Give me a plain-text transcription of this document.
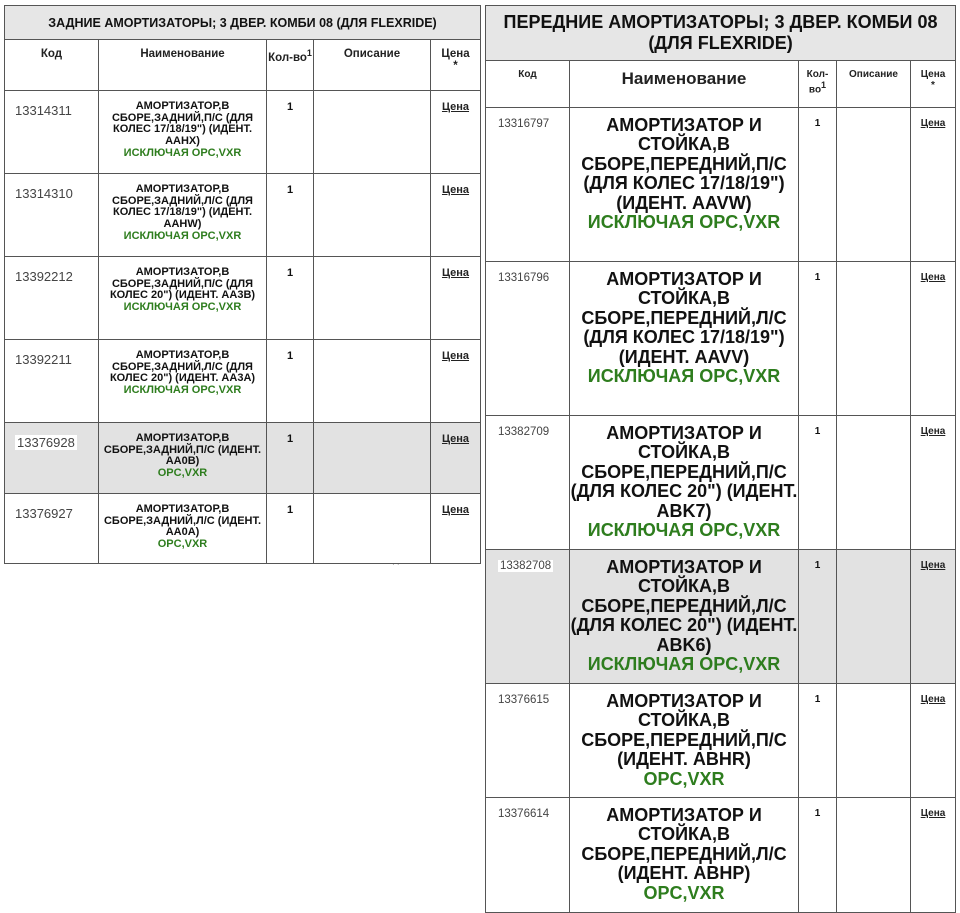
ЗАДНИЕ АМОРТИЗАТОРЫ; 3 ДВЕР. КОМБИ 08 (ДЛЯ FLEXRIDE)				
Код	Наименование	Кол-$во^1$	Описание	Цена
*
13314311	АМОРТИЗАТОР,В СБОРЕ,ЗАДНИЙ,П/С (ДЛЯ КОЛЕС 17/18/19") (ИДЕНТ. AAHX)
ИСКЛЮЧАЯ OPC,VXR	1		Цена
13314310	АМОРТИЗАТОР,В СБОРЕ,ЗАДНИЙ,Л/С (ДЛЯ КОЛЕС 17/18/19") (ИДЕНТ. AAHW)
ИСКЛЮЧАЯ OPC,VXR	1		Цена
13392212	АМОРТИЗАТОР,В СБОРЕ,ЗАДНИЙ,П/С (ДЛЯ КОЛЕС 20") (ИДЕНТ. AA3B)
ИСКЛЮЧАЯ OPC,VXR	1		Цена
13392211	АМОРТИЗАТОР,В СБОРЕ,ЗАДНИЙ,Л/С (ДЛЯ КОЛЕС 20") (ИДЕНТ. AA3A)
ИСКЛЮЧАЯ OPC,VXR	1		Цена
13376928	АМОРТИЗАТОР,В СБОРЕ,ЗАДНИЙ,П/С (ИДЕНТ. AA0B)
OPC,VXR	1		Цена
13376927	АМОРТИЗАТОР,В СБОРЕ,ЗАДНИЙ,Л/С (ИДЕНТ. AA0A)
OPC,VXR	1		Цена
· ·
ПЕРЕДНИЕ АМОРТИЗАТОРЫ; 3 ДВЕР. КОМБИ 08 (ДЛЯ FLEXRIDE)				
Код	Наименование	Кол-$во^1$	Описание	Цена
*
13316797	АМОРТИЗАТОР И СТОЙКА,В СБОРЕ,ПЕРЕДНИЙ,П/С (ДЛЯ КОЛЕС 17/18/19") (ИДЕНТ. AAVW)
ИСКЛЮЧАЯ OPC,VXR	1		Цена
13316796	АМОРТИЗАТОР И СТОЙКА,В СБОРЕ,ПЕРЕДНИЙ,Л/С (ДЛЯ КОЛЕС 17/18/19") (ИДЕНТ. AAVV)
ИСКЛЮЧАЯ OPC,VXR	1		Цена
13382709	АМОРТИЗАТОР И СТОЙКА,В СБОРЕ,ПЕРЕДНИЙ,П/С (ДЛЯ КОЛЕС 20") (ИДЕНТ. ABK7)
ИСКЛЮЧАЯ OPC,VXR	1		Цена
13382708	АМОРТИЗАТОР И СТОЙКА,В СБОРЕ,ПЕРЕДНИЙ,Л/С (ДЛЯ КОЛЕС 20") (ИДЕНТ. ABK6)
ИСКЛЮЧАЯ OPC,VXR	1		Цена
13376615	АМОРТИЗАТОР И СТОЙКА,В СБОРЕ,ПЕРЕДНИЙ,П/С (ИДЕНТ. ABHR)
OPC,VXR	1		Цена
13376614	АМОРТИЗАТОР И СТОЙКА,В СБОРЕ,ПЕРЕДНИЙ,Л/С (ИДЕНТ. ABHP)
OPC,VXR	1		Цена
